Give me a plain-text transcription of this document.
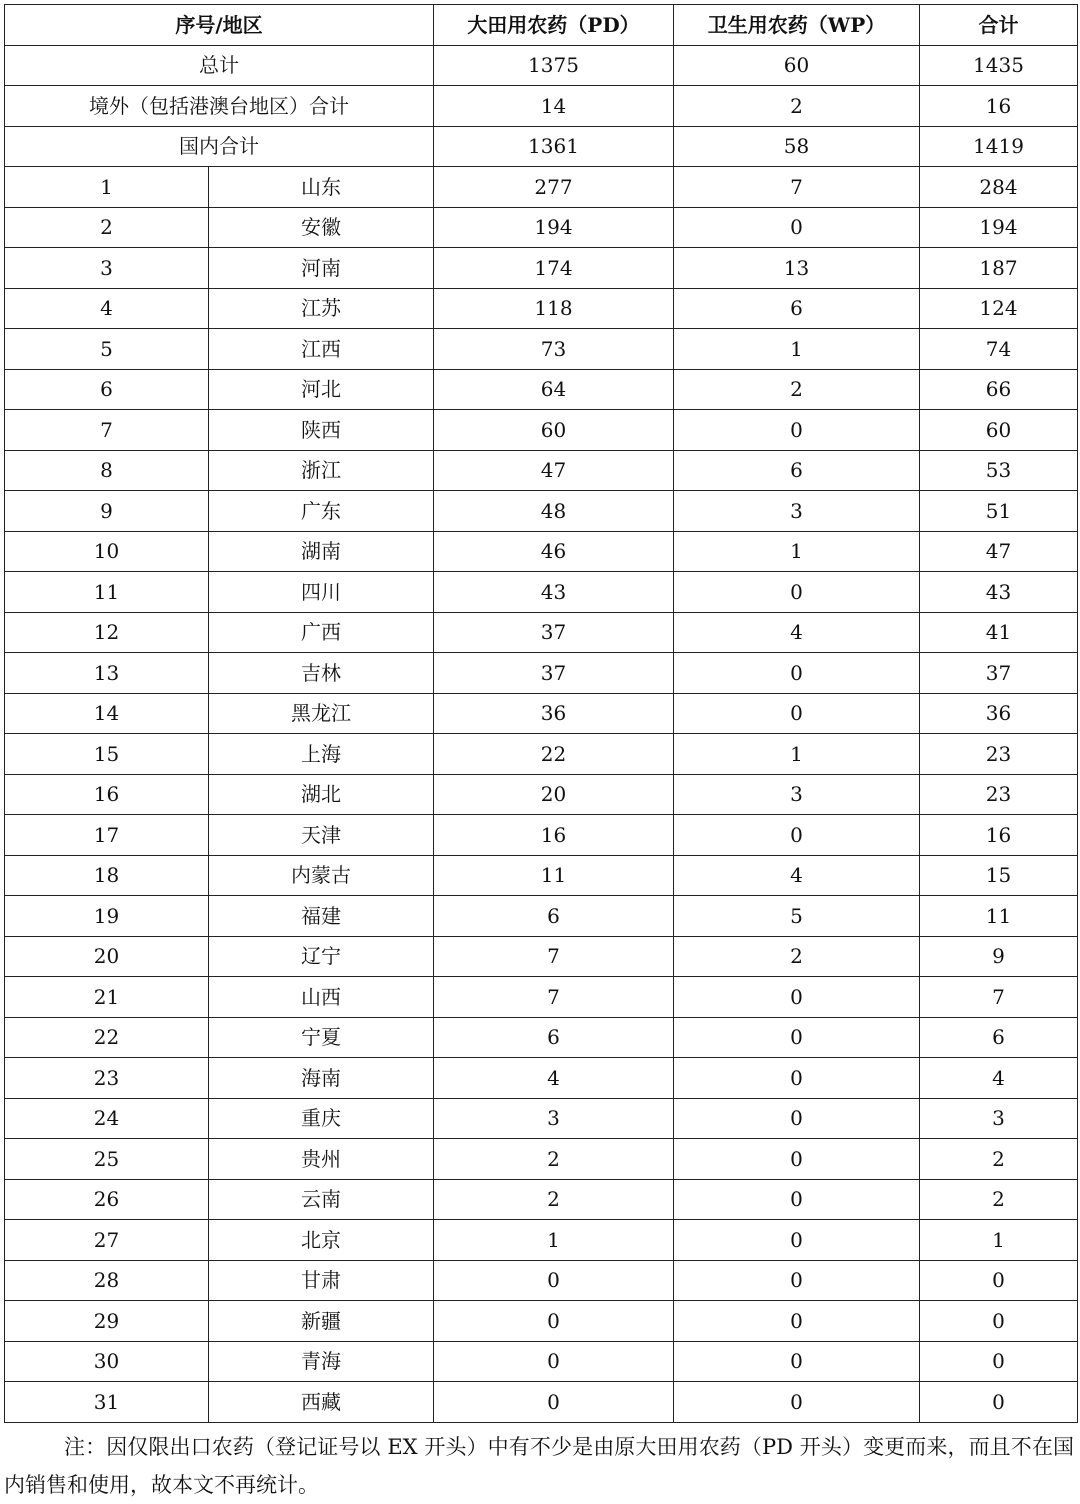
序号/地区		大田用农药（PD）	卫生用农药（WP）	合计
总计		1375	60	1435
境外（包括港澳台地区）合计		14	2	16
国内合计		1361	58	1419
1	山东	277	7	284
2	安徽	194	0	194
3	河南	174	13	187
4	江苏	118	6	124
5	江西	73	1	74
6	河北	64	2	66
7	陕西	60	0	60
8	浙江	47	6	53
9	广东	48	3	51
10	湖南	46	1	47
11	四川	43	0	43
12	广西	37	4	41
13	吉林	37	0	37
14	黑龙江	36	0	36
15	上海	22	1	23
16	湖北	20	3	23
17	天津	16	0	16
18	内蒙古	11	4	15
19	福建	6	5	11
20	辽宁	7	2	9
21	山西	7	0	7
22	宁夏	6	0	6
23	海南	4	0	4
24	重庆	3	0	3
25	贵州	2	0	2
26	云南	2	0	2
27	北京	1	0	1
28	甘肃	0	0	0
29	新疆	0	0	0
30	青海	0	0	0
31	西藏	0	0	0
注：因仅限出口农药（登记证号以 EX 开头）中有不少是由原大田用农药（PD 开头）变更而来，而且不在国内销售和使用，故本文不再统计。
